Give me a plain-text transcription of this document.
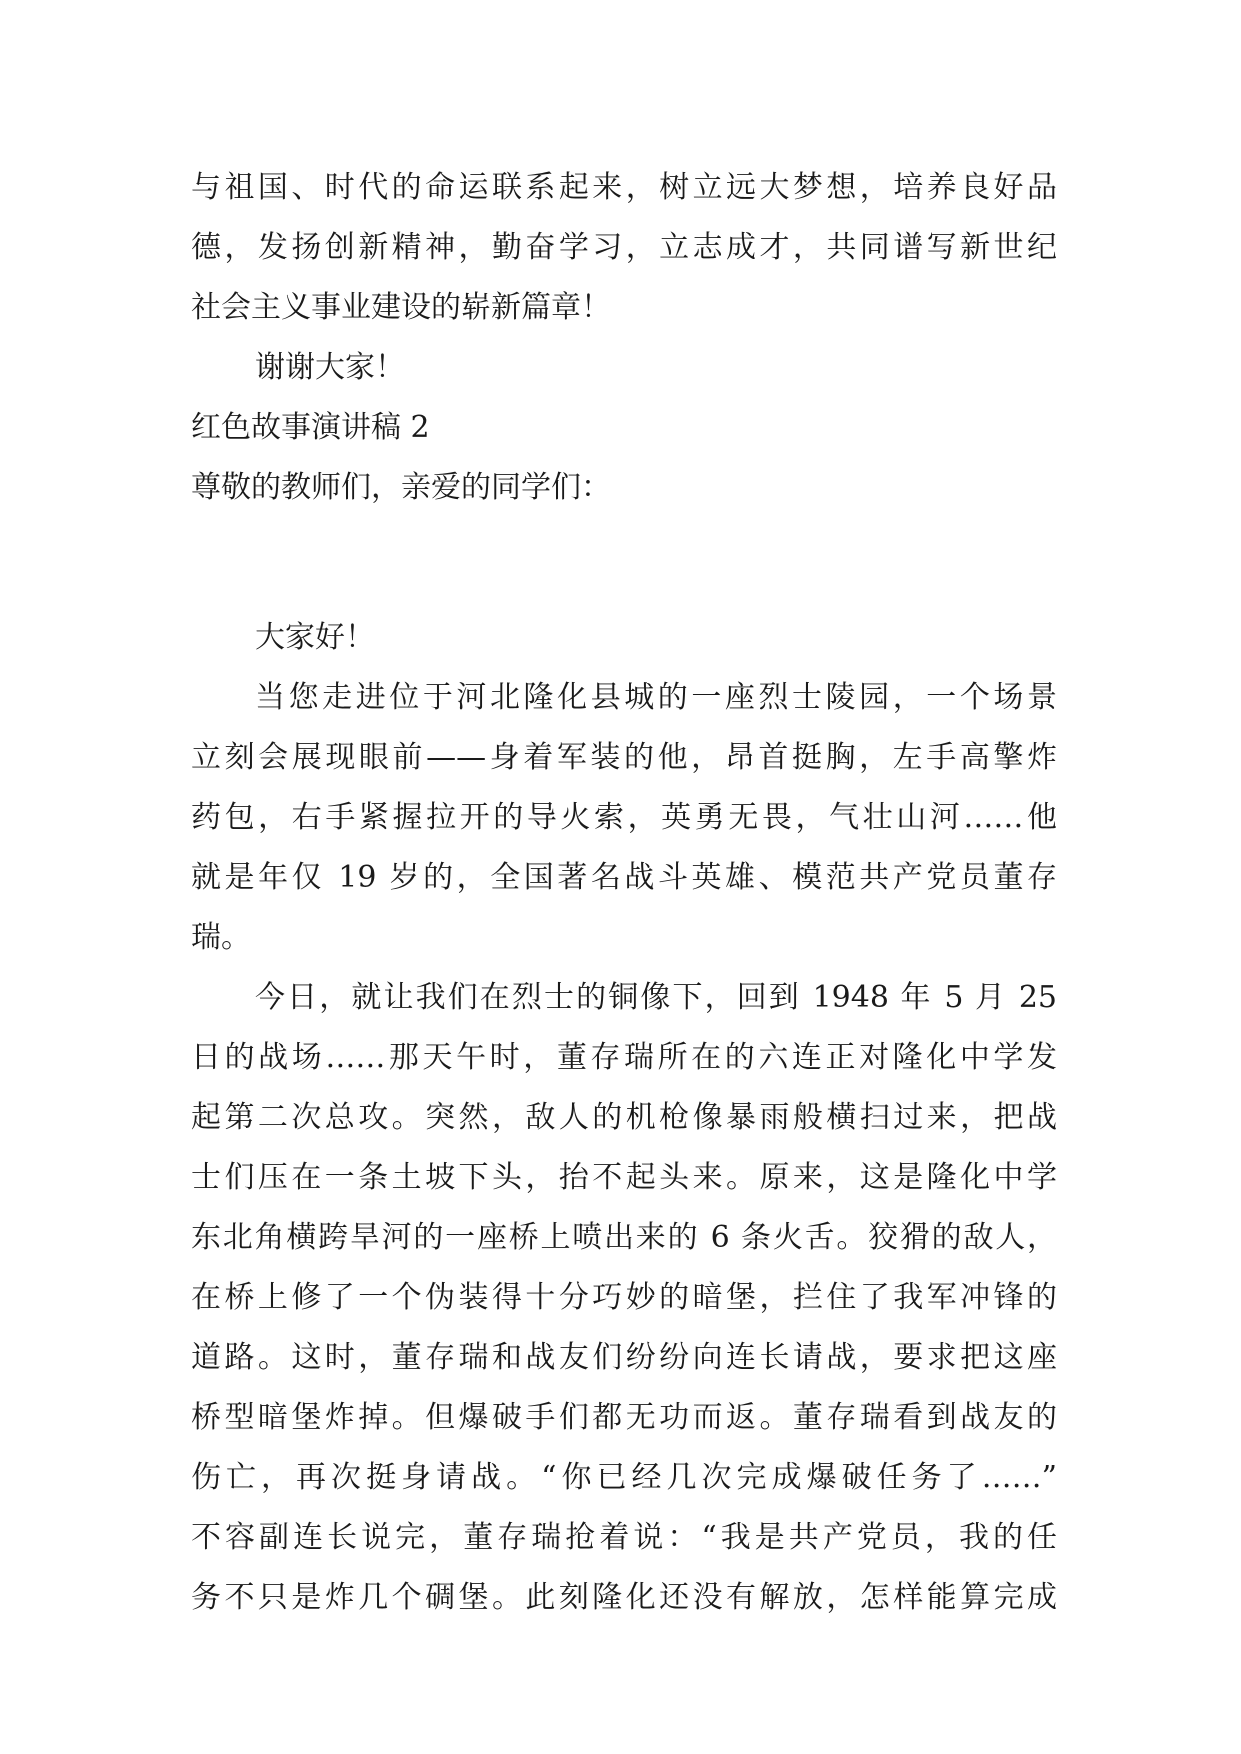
与祖国、时代的命运联系起来，树立远大梦想，培养良好品
德，发扬创新精神，勤奋学习，立志成才，共同谱写新世纪
社会主义事业建设的崭新篇章！
谢谢大家！
红色故事演讲稿 2
尊敬的教师们，亲爱的同学们：
大家好！
当您走进位于河北隆化县城的一座烈士陵园，一个场景
立刻会展现眼前——身着军装的他，昂首挺胸，左手高擎炸
药包，右手紧握拉开的导火索，英勇无畏，气壮山河……他
就是年仅 19 岁的，全国著名战斗英雄、模范共产党员董存
瑞。
今日，就让我们在烈士的铜像下，回到 1948 年 5 月 25
日的战场……那天午时，董存瑞所在的六连正对隆化中学发
起第二次总攻。突然，敌人的机枪像暴雨般横扫过来，把战
士们压在一条土坡下头，抬不起头来。原来，这是隆化中学
东北角横跨旱河的一座桥上喷出来的 6 条火舌。狡猾的敌人，
在桥上修了一个伪装得十分巧妙的暗堡，拦住了我军冲锋的
道路。这时，董存瑞和战友们纷纷向连长请战，要求把这座
桥型暗堡炸掉。但爆破手们都无功而返。董存瑞看到战友的
伤亡，再次挺身请战。“你已经几次完成爆破任务了……”
不容副连长说完，董存瑞抢着说：“我是共产党员，我的任
务不只是炸几个碉堡。此刻隆化还没有解放，怎样能算完成
